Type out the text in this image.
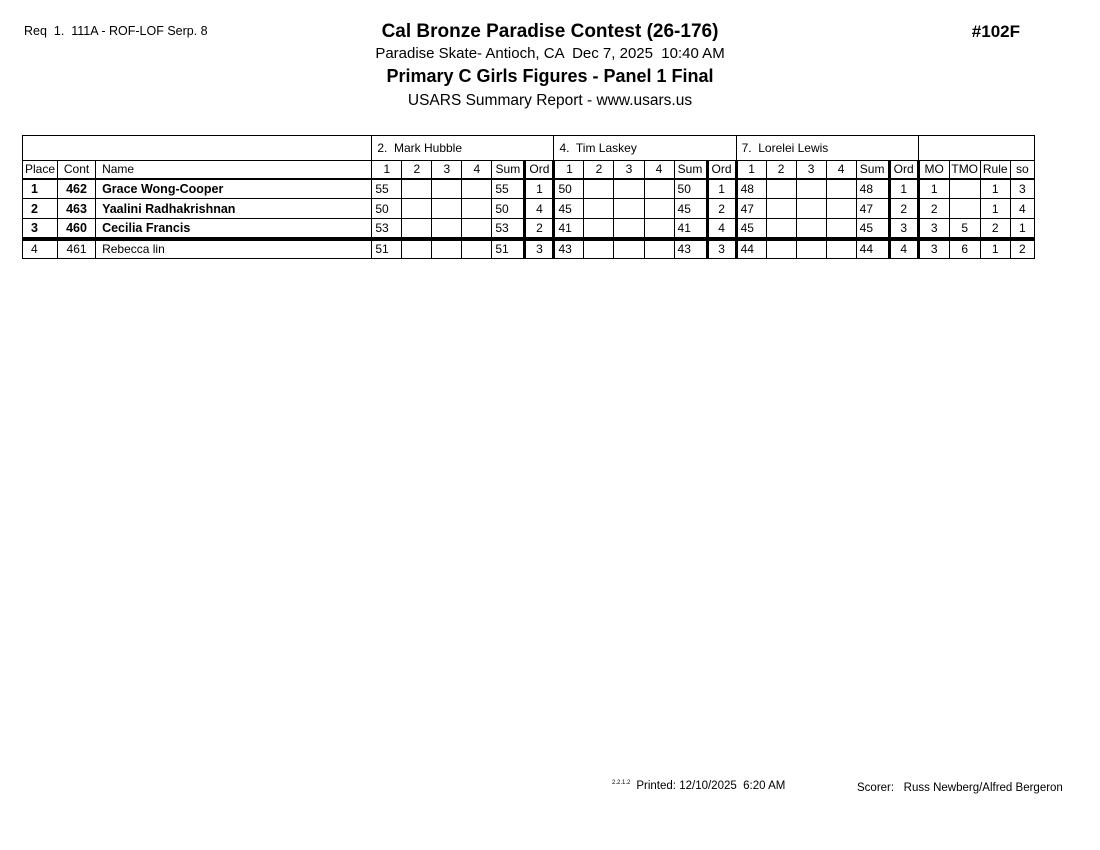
Req  1.  111A - ROF-LOF Serp. 8	#102F
Cal Bronze Paradise Contest (26-176)
Paradise Skate- Antioch, CA  Dec 7, 2025  10:40 AM
Primary C Girls Figures - Panel 1 Final
USARS Summary Report - www.usars.us
			2.  Mark Hubble						4.  Tim Laskey						7.  Lorelei Lewis									
Place	Cont	Name	1	2	3	4	Sum	Ord	1	2	3	4	Sum	Ord	1	2	3	4	Sum	Ord	MO	TMO	Rule	so
1	462	Grace Wong-Cooper	55				55	1	50				50	1	48				48	1	1		1	3
2	463	Yaalini Radhakrishnan	50				50	4	45				45	2	47				47	2	2		1	4
3	460	Cecilia Francis	53				53	2	41				41	4	45				45	3	3	5	2	1
4	461	Rebecca lin	51				51	3	43				43	3	44				44	4	3	6	1	2
$^{2.2.1.2}$ Printed: 12/10/2025  6:20 AM	Scorer: Russ Newberg/Alfred Bergeron
